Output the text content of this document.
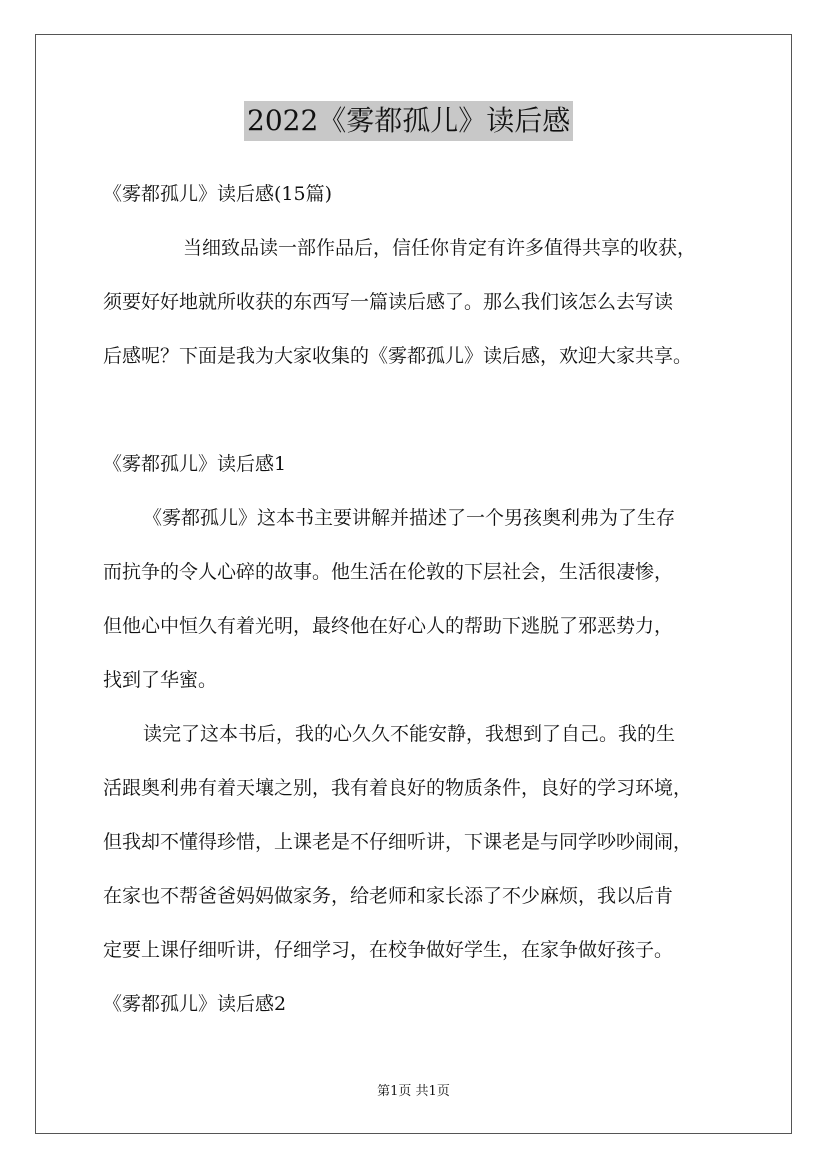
2022《雾都孤儿》读后感
《雾都孤儿》读后感(15篇)
当细致品读一部作品后，信任你肯定有许多值得共享的收获，
须要好好地就所收获的东西写一篇读后感了。那么我们该怎么去写读
后感呢？下面是我为大家收集的《雾都孤儿》读后感，欢迎大家共享。
《雾都孤儿》读后感1
《雾都孤儿》这本书主要讲解并描述了一个男孩奥利弗为了生存
而抗争的令人心碎的故事。他生活在伦敦的下层社会，生活很凄惨，
但他心中恒久有着光明，最终他在好心人的帮助下逃脱了邪恶势力，
找到了华蜜。
读完了这本书后，我的心久久不能安静，我想到了自己。我的生
活跟奥利弗有着天壤之别，我有着良好的物质条件，良好的学习环境，
但我却不懂得珍惜，上课老是不仔细听讲，下课老是与同学吵吵闹闹，
在家也不帮爸爸妈妈做家务，给老师和家长添了不少麻烦，我以后肯
定要上课仔细听讲，仔细学习，在校争做好学生，在家争做好孩子。
《雾都孤儿》读后感2
第1页 共1页
